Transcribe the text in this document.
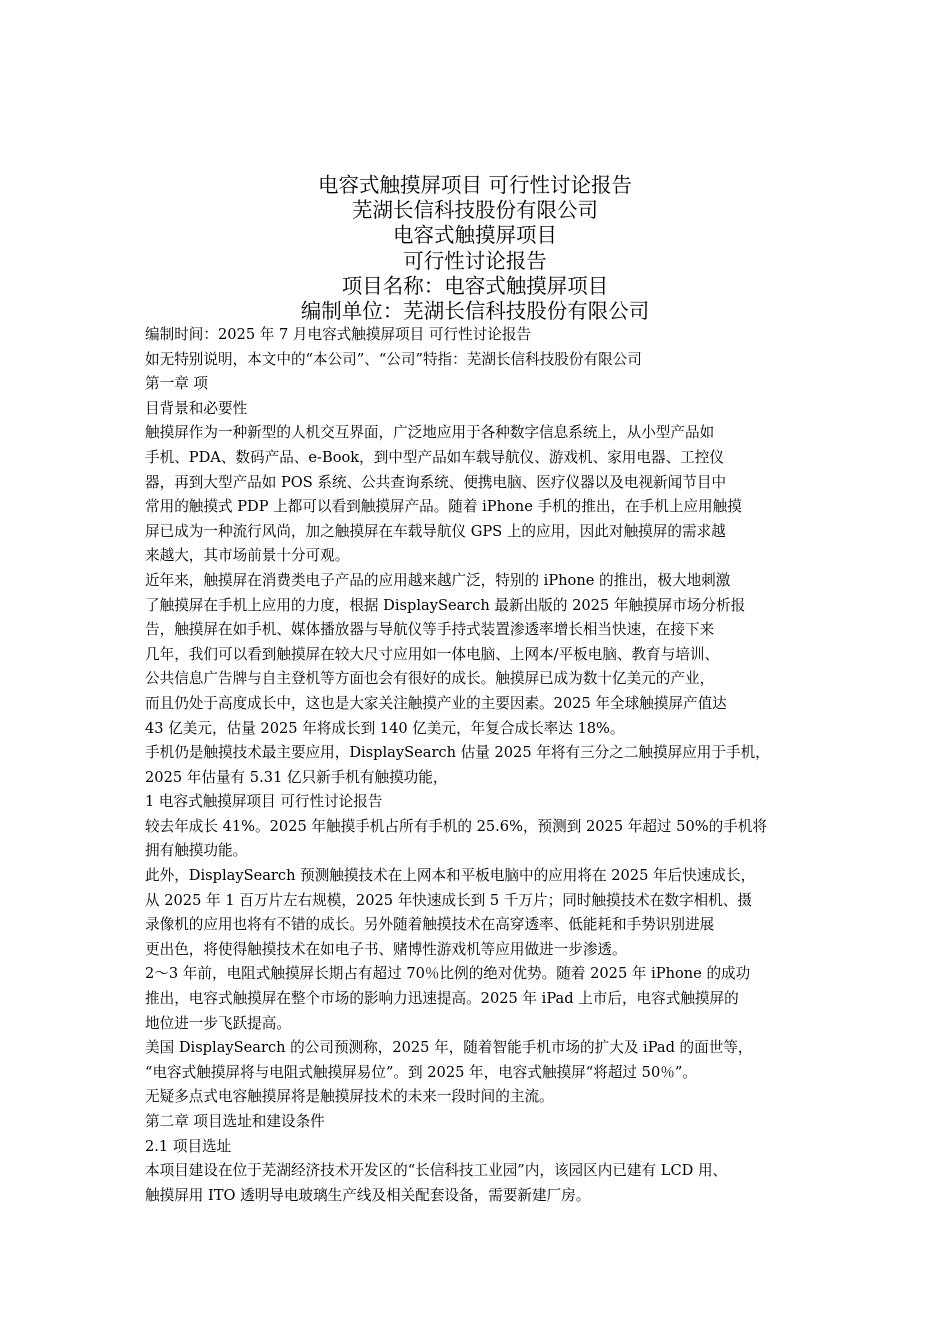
电容式触摸屏项目 可行性讨论报告
芜湖长信科技股份有限公司
电容式触摸屏项目
可行性讨论报告
项目名称：电容式触摸屏项目
编制单位：芜湖长信科技股份有限公司
编制时间：2025 年 7 月电容式触摸屏项目 可行性讨论报告
如无特别说明，本文中的“本公司”、“公司”特指：芜湖长信科技股份有限公司
第一章 项
目背景和必要性
触摸屏作为一种新型的人机交互界面，广泛地应用于各种数字信息系统上，从小型产品如
手机、PDA、数码产品、e-Book，到中型产品如车载导航仪、游戏机、家用电器、工控仪
器，再到大型产品如 POS 系统、公共查询系统、便携电脑、医疗仪器以及电视新闻节目中
常用的触摸式 PDP 上都可以看到触摸屏产品。随着 iPhone 手机的推出，在手机上应用触摸
屏已成为一种流行风尚，加之触摸屏在车载导航仪 GPS 上的应用，因此对触摸屏的需求越
来越大，其市场前景十分可观。
近年来，触摸屏在消费类电子产品的应用越来越广泛，特别的 iPhone 的推出，极大地刺激
了触摸屏在手机上应用的力度，根据 DisplaySearch 最新出版的 2025 年触摸屏市场分析报
告，触摸屏在如手机、媒体播放器与导航仪等手持式装置渗透率增长相当快速，在接下来
几年，我们可以看到触摸屏在较大尺寸应用如一体电脑、上网本/平板电脑、教育与培训、
公共信息广告牌与自主登机等方面也会有很好的成长。触摸屏已成为数十亿美元的产业，
而且仍处于高度成长中，这也是大家关注触摸产业的主要因素。2025 年全球触摸屏产值达
43 亿美元，估量 2025 年将成长到 140 亿美元，年复合成长率达 18%。
手机仍是触摸技术最主要应用，DisplaySearch 估量 2025 年将有三分之二触摸屏应用于手机，
2025 年估量有 5.31 亿只新手机有触摸功能，
1 电容式触摸屏项目 可行性讨论报告
较去年成长 41%。2025 年触摸手机占所有手机的 25.6%，预测到 2025 年超过 50%的手机将
拥有触摸功能。
此外，DisplaySearch 预测触摸技术在上网本和平板电脑中的应用将在 2025 年后快速成长，
从 2025 年 1 百万片左右规模，2025 年快速成长到 5 千万片；同时触摸技术在数字相机、摄
录像机的应用也将有不错的成长。另外随着触摸技术在高穿透率、低能耗和手势识别进展
更出色，将使得触摸技术在如电子书、赌博性游戏机等应用做进一步渗透。
2～3 年前，电阻式触摸屏长期占有超过 70％比例的绝对优势。随着 2025 年 iPhone 的成功
推出，电容式触摸屏在整个市场的影响力迅速提高。2025 年 iPad 上市后，电容式触摸屏的
地位进一步飞跃提高。
美国 DisplaySearch 的公司预测称，2025 年，随着智能手机市场的扩大及 iPad 的面世等，
“电容式触摸屏将与电阻式触摸屏易位”。到 2025 年，电容式触摸屏“将超过 50％”。
无疑多点式电容触摸屏将是触摸屏技术的未来一段时间的主流。
第二章 项目选址和建设条件
2.1 项目选址
本项目建设在位于芜湖经济技术开发区的“长信科技工业园”内，该园区内已建有 LCD 用、
触摸屏用 ITO 透明导电玻璃生产线及相关配套设备，需要新建厂房。
